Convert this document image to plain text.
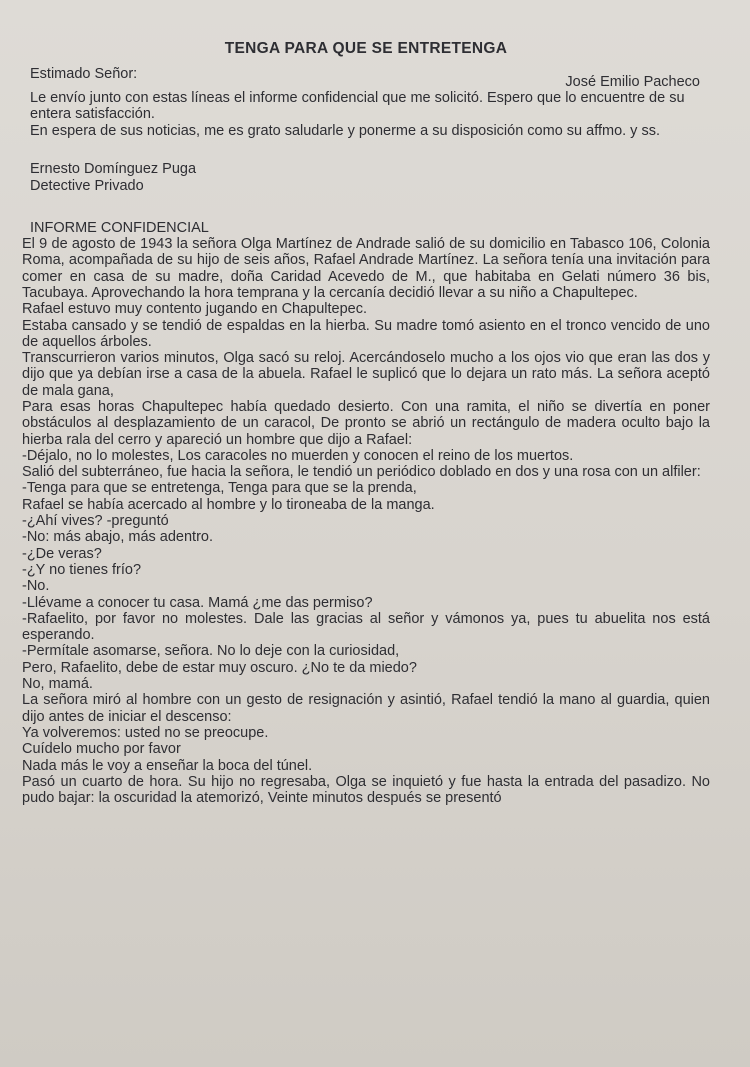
TENGA PARA QUE SE ENTRETENGA
Estimado Señor:	José Emilio Pacheco

Le envío junto con estas líneas el informe confidencial que me solicitó. Espero que lo encuentre de su entera satisfacción.

En espera de sus noticias, me es grato saludarle y ponerme a su disposición como su affmo. y ss.

Ernesto Domínguez Puga

Detective Privado

INFORME CONFIDENCIAL

El 9 de agosto de 1943 la señora Olga Martínez de Andrade salió de su domicilio en Tabasco 106, Colonia Roma, acompañada de su hijo de seis años, Rafael Andrade Martínez. La señora tenía una invitación para comer en casa de su madre, doña Caridad Acevedo de M., que habitaba en Gelati número 36 bis, Tacubaya. Aprovechando la hora temprana y la cercanía decidió llevar a su niño a Chapultepec.

Rafael estuvo muy contento jugando en Chapultepec.

Estaba cansado y se tendió de espaldas en la hierba. Su madre tomó asiento en el tronco vencido de uno de aquellos árboles.

Transcurrieron varios minutos, Olga sacó su reloj. Acercándoselo mucho a los ojos vio que eran las dos y dijo que ya debían irse a casa de la abuela. Rafael le suplicó que lo dejara un rato más. La señora aceptó de mala gana,

Para esas horas Chapultepec había quedado desierto. Con una ramita, el niño se divertía en poner obstáculos al desplazamiento de un caracol, De pronto se abrió un rectángulo de madera oculto bajo la hierba rala del cerro y apareció un hombre que dijo a Rafael:

-Déjalo, no lo molestes, Los caracoles no muerden y conocen el reino de los muertos.

Salió del subterráneo, fue hacia la señora, le tendió un periódico doblado en dos y una rosa con un alfiler:

-Tenga para que se entretenga, Tenga para que se la prenda,

Rafael se había acercado al hombre y lo tironeaba de la manga.

-¿Ahí vives? -preguntó

-No: más abajo, más adentro.

-¿De veras?

-¿Y no tienes frío?

-No.

-Llévame a conocer tu casa. Mamá ¿me das permiso?

-Rafaelito, por favor no molestes. Dale las gracias al señor y vámonos ya, pues tu abuelita nos está esperando.

-Permítale asomarse, señora. No lo deje con la curiosidad,

Pero, Rafaelito, debe de estar muy oscuro. ¿No te da miedo?

No, mamá.

La señora miró al hombre con un gesto de resignación y asintió, Rafael tendió la mano al guardia, quien dijo antes de iniciar el descenso:

Ya volveremos: usted no se preocupe.

Cuídelo mucho por favor

Nada más le voy a enseñar la boca del túnel.

Pasó un cuarto de hora. Su hijo no regresaba, Olga se inquietó y fue hasta la entrada del pasadizo. No pudo bajar: la oscuridad la atemorizó, Veinte minutos después se presentó
